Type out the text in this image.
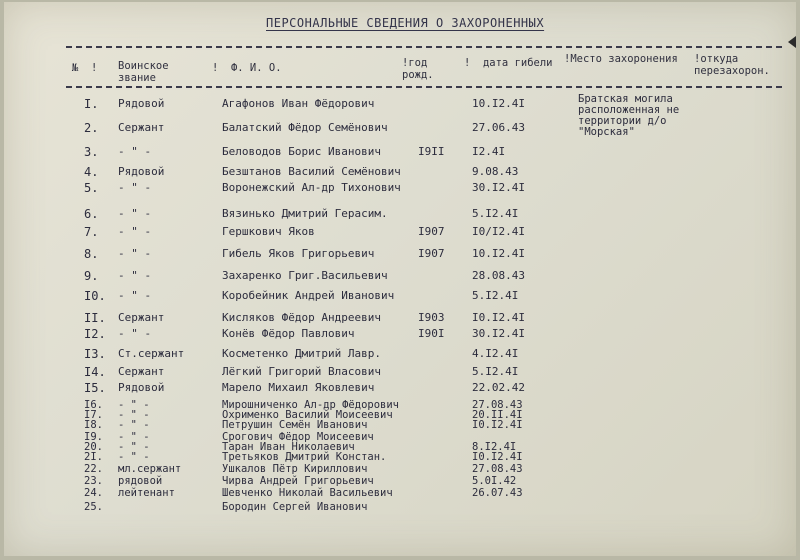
ПЕРСОНАЛЬНЫЕ СВЕДЕНИЯ О ЗАХОРОНЕННЫХ
№  ! Воинское
звание
!  Ф. И. О.	!год
рожд.
!  дата гибели !Место захоронения !откуда
перезахорон.
Братская могила
расположенная не
территории д/о
"Морская"
I. Рядовой	Агафонов Иван Фёдорович	10.I2.4I
2. Сержант	Балатский Фёдор Семёнович	27.06.43
3. - " -	Беловодов Борис Иванович	I9II	I2.4I
4. Рядовой	Безштанов Василий Семёнович	9.08.43
5. - " -	Воронежский Ал-др Тихонович	30.I2.4I
6. - " -	Вязинько Дмитрий Герасим.	5.I2.4I
7. - " -	Гершкович Яков	I907	I0/I2.4I
8. - " -	Гибель Яков Григорьевич	I907	10.I2.4I
9. - " -	Захаренко Григ.Васильевич	28.08.43
I0. - " -	Коробейник Андрей Иванович	5.I2.4I
II. Сержант	Кисляков Фёдор Андреевич	I903	I0.I2.4I
I2. - " -	Конёв Фёдор Павлович	I90I	30.I2.4I
I3. Ст.сержант	Косметенко Дмитрий Лавр.	4.I2.4I
I4. Сержант	Лёгкий Григорий Власович	5.I2.4I
I5. Рядовой	Марело Михаил Яковлевич	22.02.42
I6. - " -	Мирошниченко Ал-др Фёдорович	27.08.43
I7. - " -	Охрименко Василий Моисеевич	20.II.4I
I8. - " -	Петрушин Семён Иванович	I0.I2.4I
I9. - " -	Срогович Фёдор Моисеевич
20. - " -	Таран Иван Николаевич	8.I2.4I
2I. - " -	Третьяков Дмитрий Констан.	I0.I2.4I
22. мл.сержант	Ушкалов Пётр Кириллович	27.08.43
23. рядовой	Чирва Андрей Григорьевич	5.0I.42
24. лейтенант	Шевченко Николай Васильевич	26.07.43
25.	Бородин Сергей Иванович
